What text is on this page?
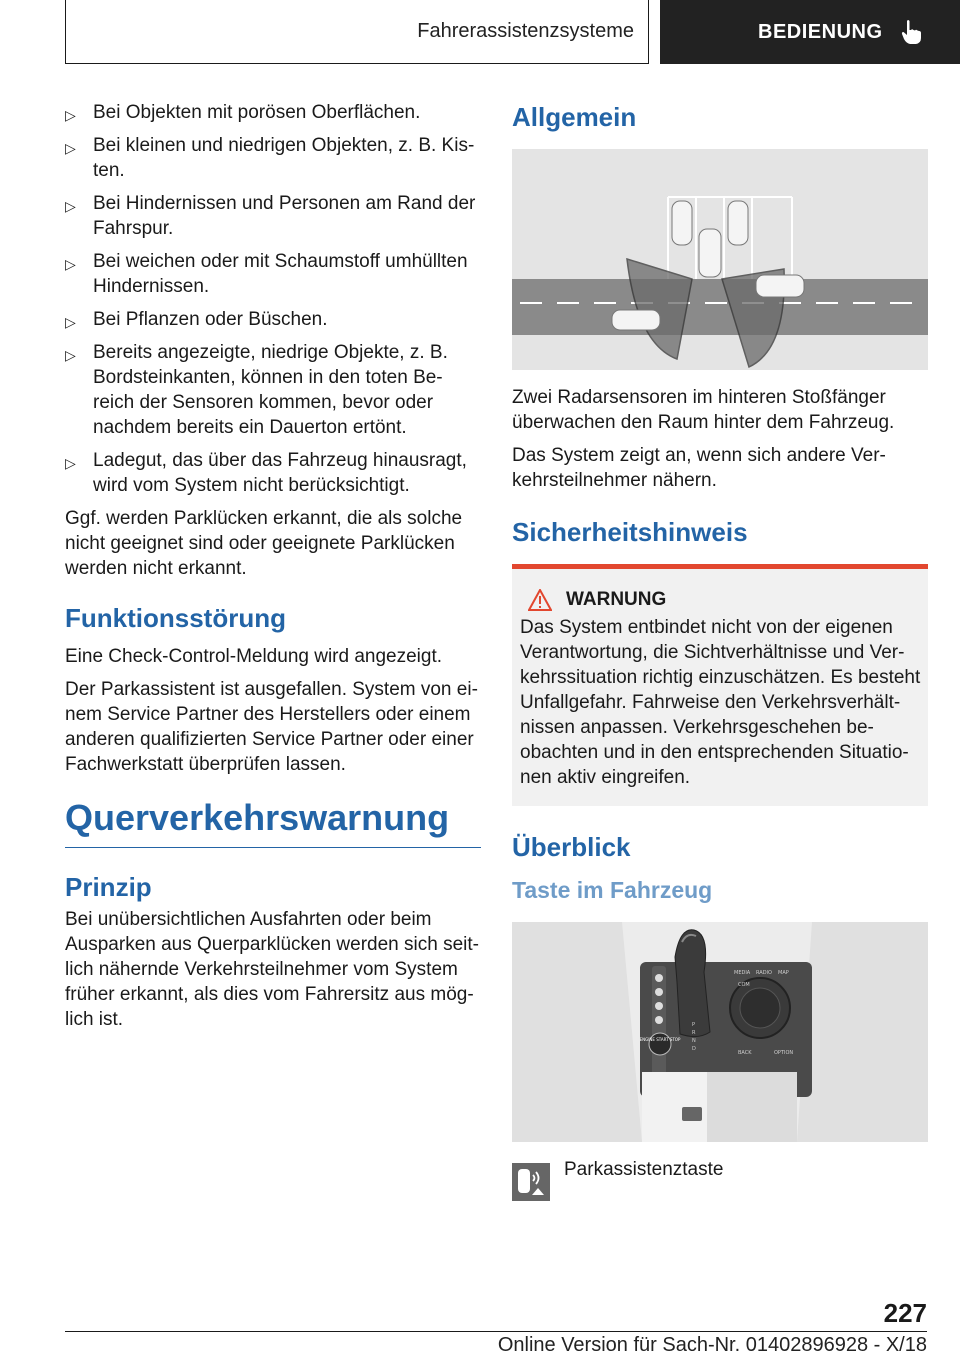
Fahrerassistenzsysteme	BEDIENUNG
▷ Bei Objekten mit porösen Oberflächen.
▷ Bei kleinen und niedrigen Objekten, z. B. Kis-ten.
▷ Bei Hindernissen und Personen am Rand der Fahrspur.
▷ Bei weichen oder mit Schaumstoff umhüllten Hindernissen.
▷ Bei Pflanzen oder Büschen.
▷ Bereits angezeigte, niedrige Objekte, z. B. Bordsteinkanten, können in den toten Be-reich der Sensoren kommen, bevor oder nachdem bereits ein Dauerton ertönt.
▷ Ladegut, das über das Fahrzeug hinausragt, wird vom System nicht berücksichtigt.

Ggf. werden Parklücken erkannt, die als solche nicht geeignet sind oder geeignete Parklücken werden nicht erkannt.

Funktionsstörung

Eine Check-Control-Meldung wird angezeigt.

Der Parkassistent ist ausgefallen. System von ei-nem Service Partner des Herstellers oder einem anderen qualifizierten Service Partner oder einer Fachwerkstatt überprüfen lassen.

Querverkehrswarnung
Prinzip

Bei unübersichtlichen Ausfahrten oder beim Ausparken aus Querparklücken werden sich seit-lich nähernde Verkehrsteilnehmer vom System früher erkannt, als dies vom Fahrersitz aus mög-lich ist.

Allgemein

Zwei Radarsensoren im hinteren Stoßfänger überwachen den Raum hinter dem Fahrzeug.

Das System zeigt an, wenn sich andere Ver-kehrsteilnehmer nähern.

Sicherheitshinweis
WARNUNG

Das System entbindet nicht von der eigenen Verantwortung, die Sichtverhältnisse und Ver-kehrssituation richtig einzuschätzen. Es besteht Unfallgefahr. Fahrweise den Verkehrsverhält-nissen anpassen. Verkehrsgeschehen be-obachten und in den entsprechenden Situatio-nen aktiv eingreifen.

Überblick
Taste im Fahrzeug
ENGINE START STOP
MEDIA RADIO MAP
COM
BACK	OPTION
P
R
N
D
Parkassistenztaste
227
Online Version für Sach-Nr. 01402896928 - X/18
